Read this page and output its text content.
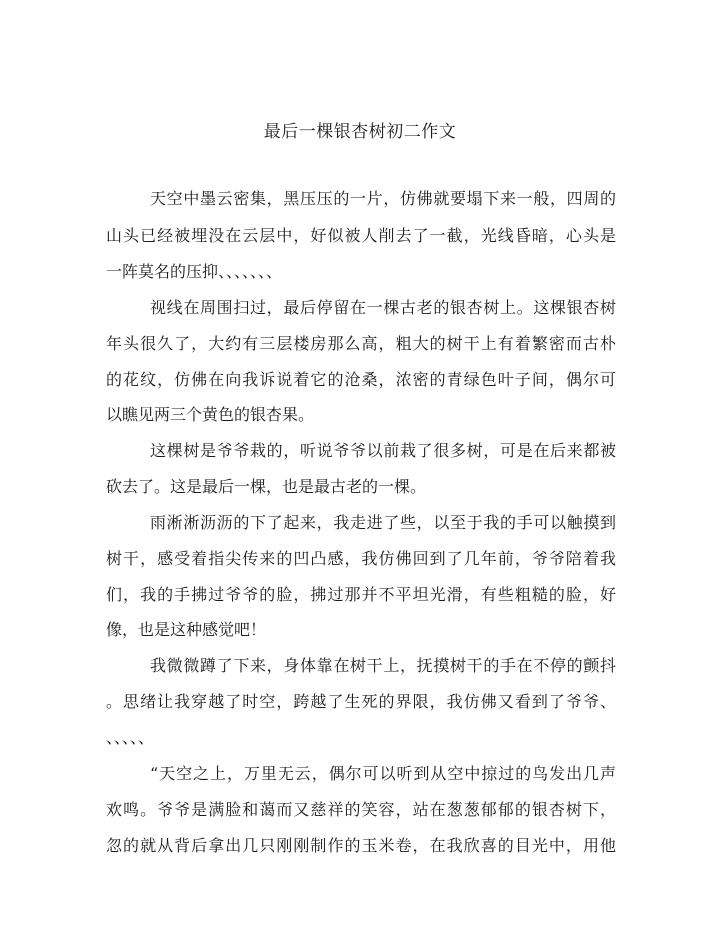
最后一棵银杏树初二作文
天空中墨云密集，黑压压的一片，仿佛就要塌下来一般，四周的
山头已经被埋没在云层中，好似被人削去了一截，光线昏暗，心头是
一阵莫名的压抑、、、、、、、
视线在周围扫过，最后停留在一棵古老的银杏树上。这棵银杏树
年头很久了，大约有三层楼房那么高，粗大的树干上有着繁密而古朴
的花纹，仿佛在向我诉说着它的沧桑，浓密的青绿色叶子间，偶尔可
以瞧见两三个黄色的银杏果。
这棵树是爷爷栽的，听说爷爷以前栽了很多树，可是在后来都被
砍去了。这是最后一棵，也是最古老的一棵。
雨淅淅沥沥的下了起来，我走进了些，以至于我的手可以触摸到
树干，感受着指尖传来的凹凸感，我仿佛回到了几年前，爷爷陪着我
们，我的手拂过爷爷的脸，拂过那并不平坦光滑，有些粗糙的脸，好
像，也是这种感觉吧！
我微微蹲了下来，身体靠在树干上，抚摸树干的手在不停的颤抖
。思绪让我穿越了时空，跨越了生死的界限，我仿佛又看到了爷爷、
、、、、、
“天空之上，万里无云，偶尔可以听到从空中掠过的鸟发出几声
欢鸣。爷爷是满脸和蔼而又慈祥的笑容，站在葱葱郁郁的银杏树下，
忽的就从背后拿出几只刚刚制作的玉米卷，在我欣喜的目光中，用他
